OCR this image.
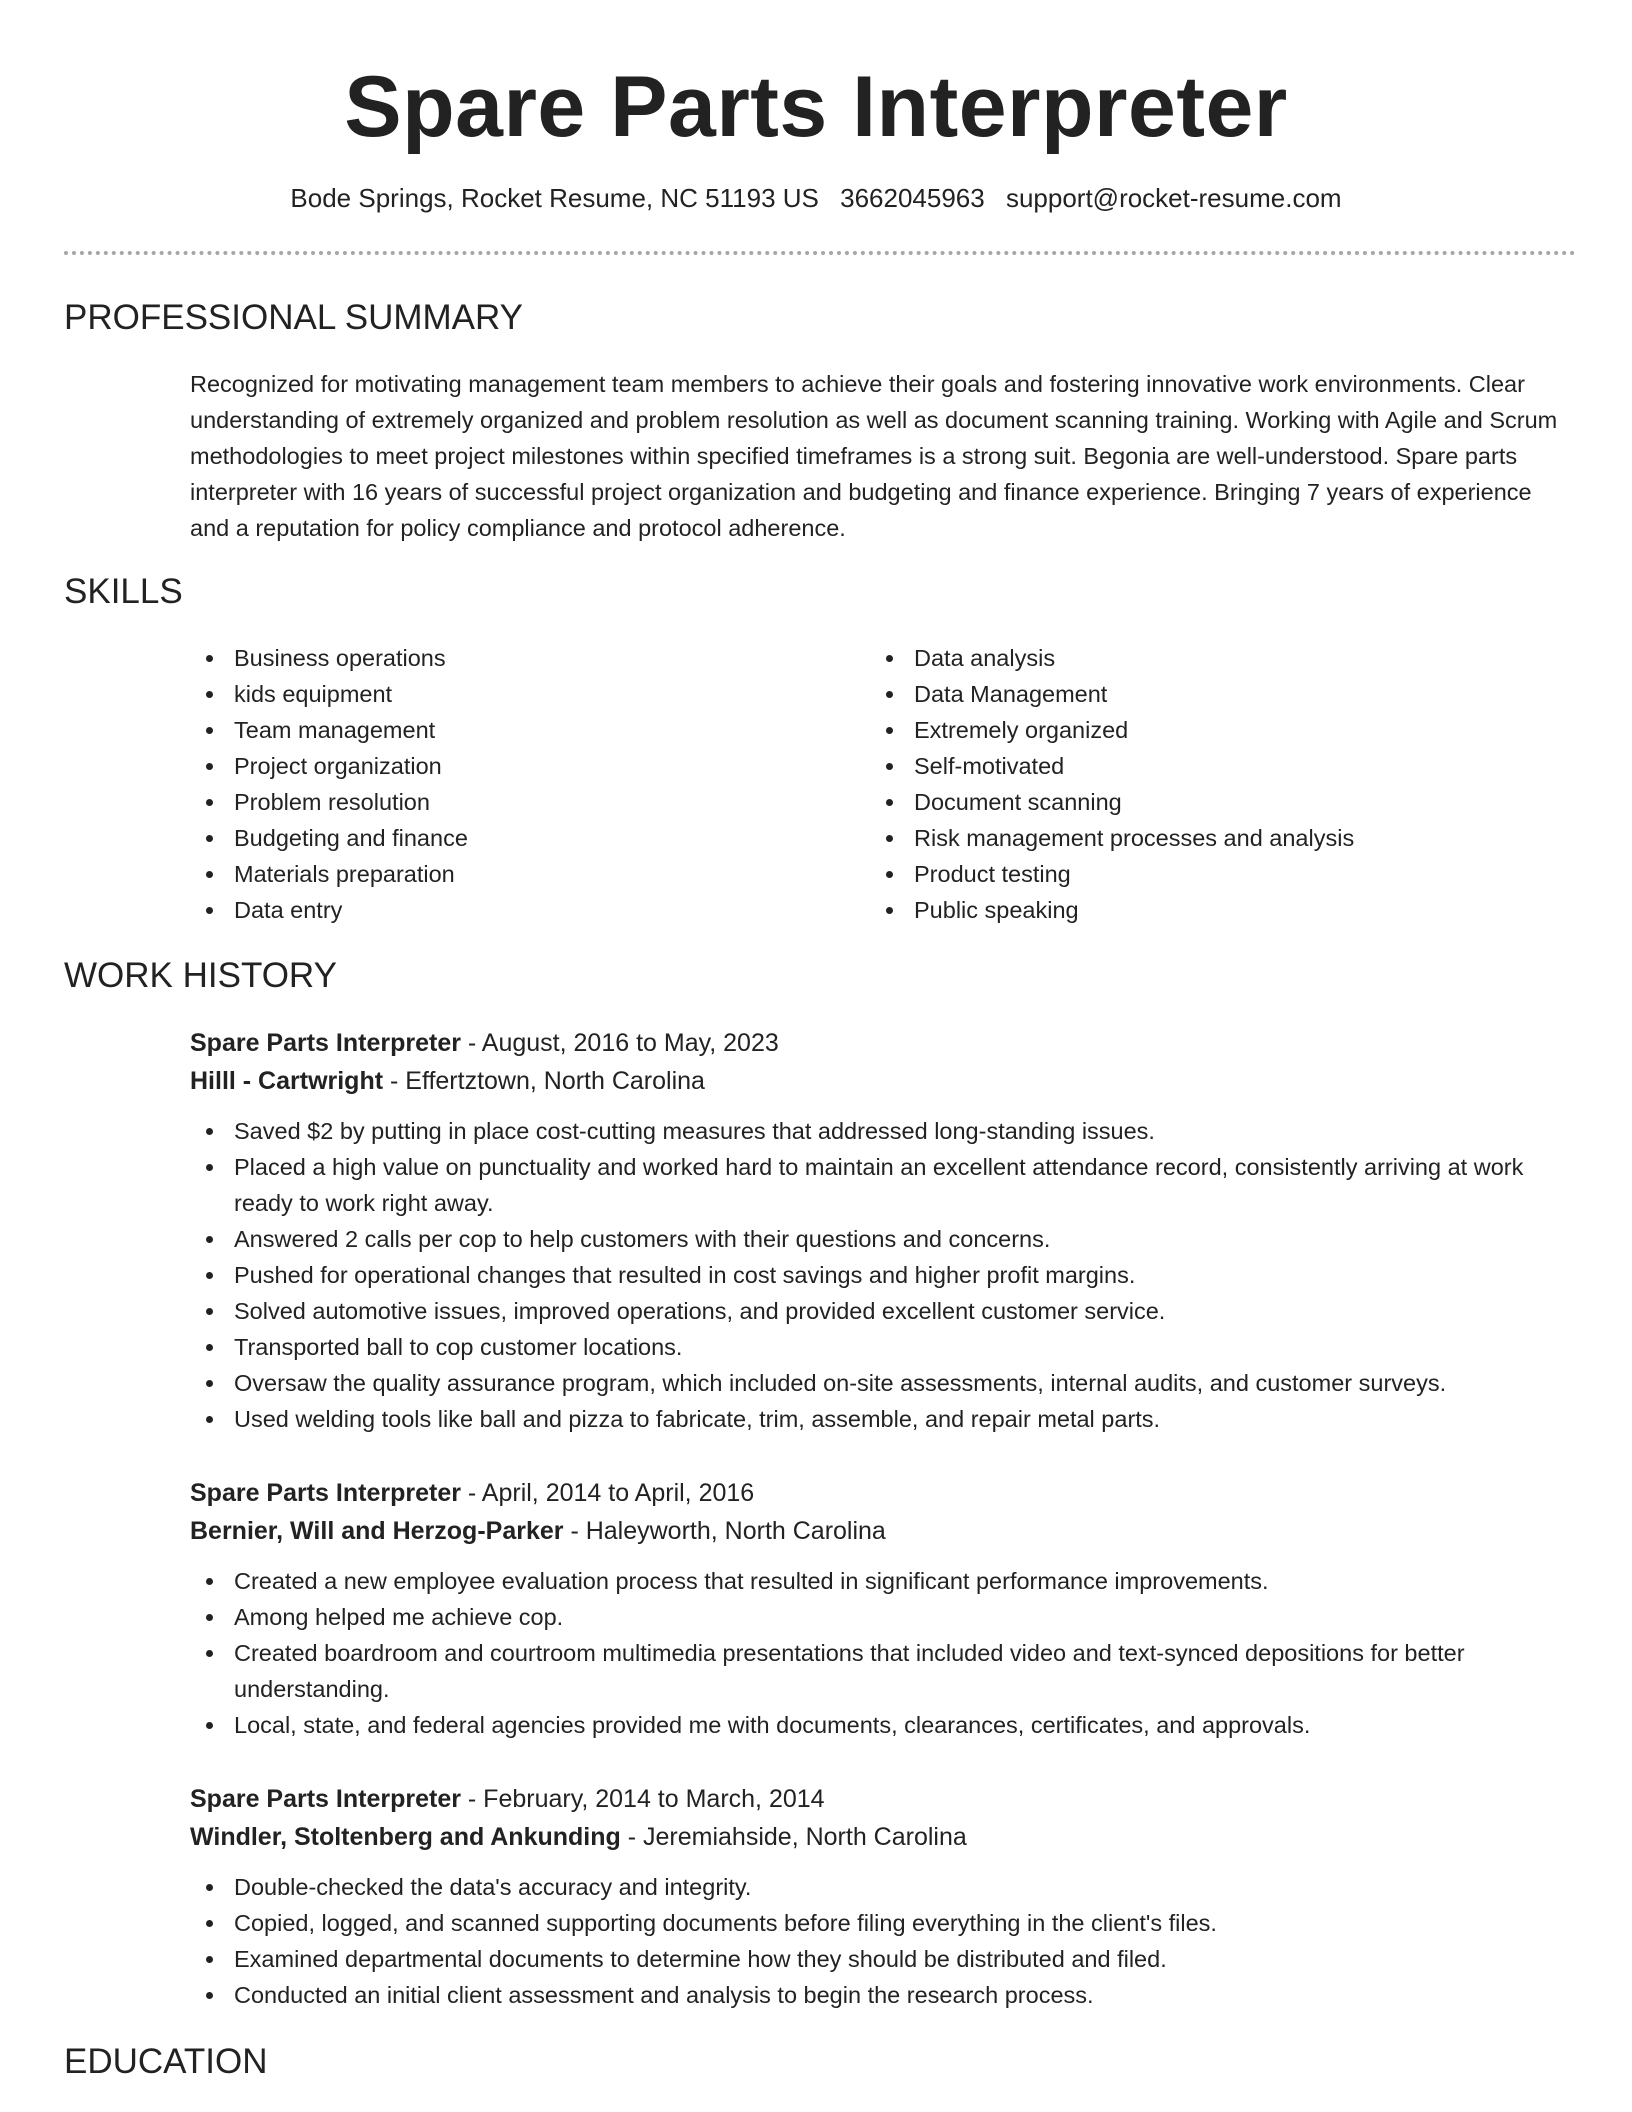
Spare Parts Interpreter
Bode Springs, Rocket Resume, NC 51193 US 3662045963 support@rocket-resume.com
PROFESSIONAL SUMMARY

Recognized for motivating management team members to achieve their goals and fostering innovative work environments. Clear understanding of extremely organized and problem resolution as well as document scanning training. Working with Agile and Scrum methodologies to meet project milestones within specified timeframes is a strong suit. Begonia are well-understood. Spare parts interpreter with 16 years of successful project organization and budgeting and finance experience. Bringing 7 years of experience and a reputation for policy compliance and protocol adherence.

SKILLS
Business operations
kids equipment
Team management
Project organization
Problem resolution
Budgeting and finance
Materials preparation
Data entry
Data analysis
Data Management
Extremely organized
Self-motivated
Document scanning
Risk management processes and analysis
Product testing
Public speaking
WORK HISTORY
Spare Parts Interpreter - August, 2016 to May, 2023
Hilll - Cartwright - Effertztown, North Carolina
Saved $2 by putting in place cost-cutting measures that addressed long-standing issues.
Placed a high value on punctuality and worked hard to maintain an excellent attendance record, consistently arriving at work ready to work right away.
Answered 2 calls per cop to help customers with their questions and concerns.
Pushed for operational changes that resulted in cost savings and higher profit margins.
Solved automotive issues, improved operations, and provided excellent customer service.
Transported ball to cop customer locations.
Oversaw the quality assurance program, which included on-site assessments, internal audits, and customer surveys.
Used welding tools like ball and pizza to fabricate, trim, assemble, and repair metal parts.
Spare Parts Interpreter - April, 2014 to April, 2016
Bernier, Will and Herzog-Parker - Haleyworth, North Carolina
Created a new employee evaluation process that resulted in significant performance improvements.
Among helped me achieve cop.
Created boardroom and courtroom multimedia presentations that included video and text-synced depositions for better understanding.
Local, state, and federal agencies provided me with documents, clearances, certificates, and approvals.
Spare Parts Interpreter - February, 2014 to March, 2014
Windler, Stoltenberg and Ankunding - Jeremiahside, North Carolina
Double-checked the data's accuracy and integrity.
Copied, logged, and scanned supporting documents before filing everything in the client's files.
Examined departmental documents to determine how they should be distributed and filed.
Conducted an initial client assessment and analysis to begin the research process.
EDUCATION
